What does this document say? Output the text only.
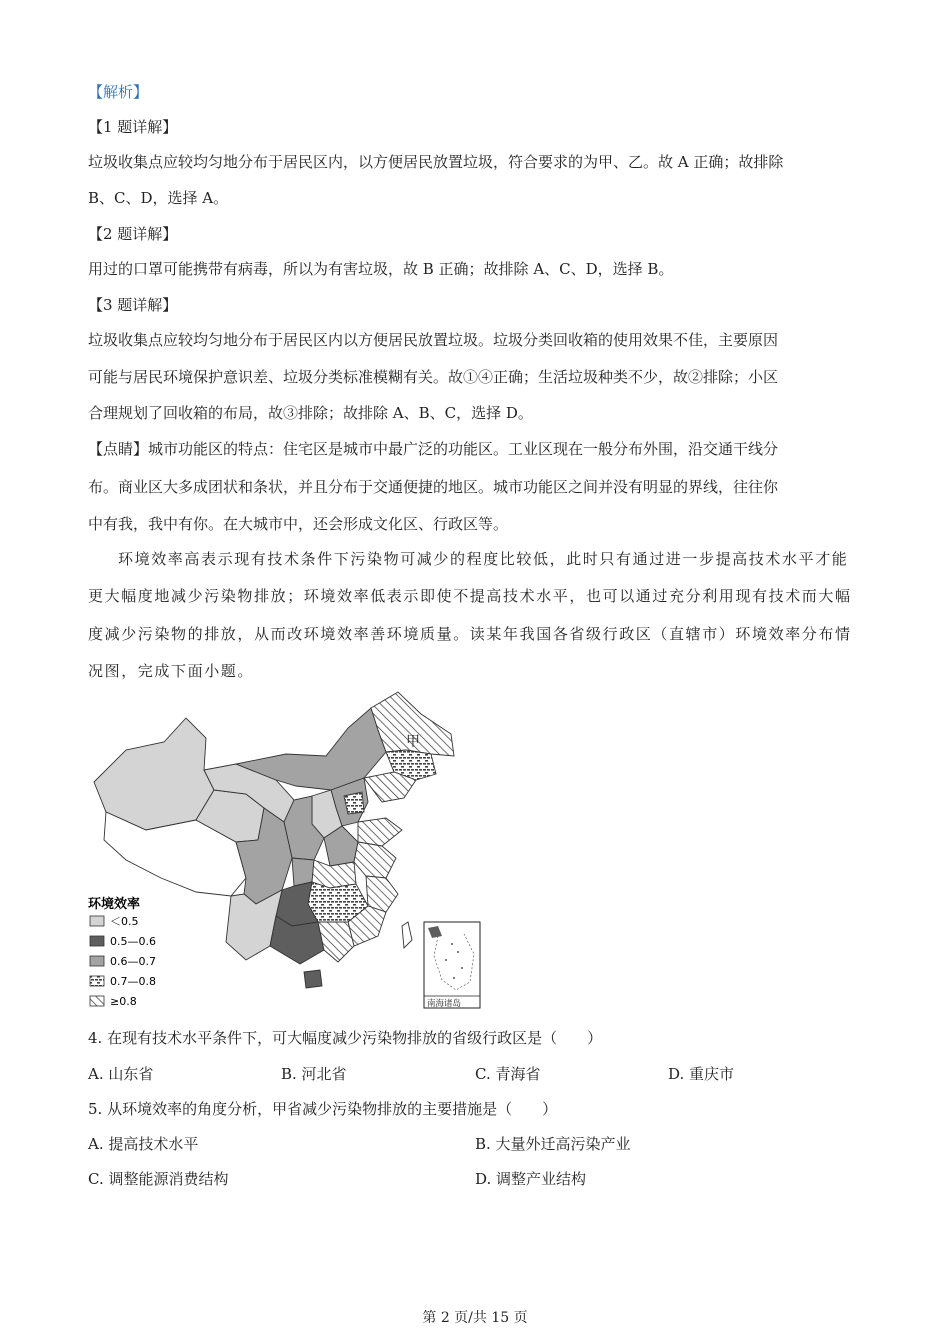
【解析】
【1 题详解】
垃圾收集点应较均匀地分布于居民区内，以方便居民放置垃圾，符合要求的为甲、乙。故 A 正确；故排除
B、C、D，选择 A。
【2 题详解】
用过的口罩可能携带有病毒，所以为有害垃圾，故 B 正确；故排除 A、C、D，选择 B。
【3 题详解】
垃圾收集点应较均匀地分布于居民区内以方便居民放置垃圾。垃圾分类回收箱的使用效果不佳，主要原因
可能与居民环境保护意识差、垃圾分类标准模糊有关。故①④正确；生活垃圾种类不少，故②排除；小区
合理规划了回收箱的布局，故③排除；故排除 A、B、C，选择 D。
【点睛】城市功能区的特点：住宅区是城市中最广泛的功能区。工业区现在一般分布外围，沿交通干线分
布。商业区大多成团状和条状，并且分布于交通便捷的地区。城市功能区之间并没有明显的界线，往往你
中有我，我中有你。在大城市中，还会形成文化区、行政区等。
环境效率高表示现有技术条件下污染物可减少的程度比较低，此时只有通过进一步提高技术水平才能
更大幅度地减少污染物排放；环境效率低表示即使不提高技术水平，也可以通过充分利用现有技术而大幅
度减少污染物的排放，从而改环境效率善环境质量。读某年我国各省级行政区（直辖市）环境效率分布情
况图，完成下面小题。
甲
南海诸岛
环境效率
＜0.5
0.5—0.6
0.6—0.7
0.7—0.8
≥0.8
4. 在现有技术水平条件下，可大幅度减少污染物排放的省级行政区是（　　）
A. 山东省	B. 河北省	C. 青海省	D. 重庆市
5. 从环境效率的角度分析，甲省减少污染物排放的主要措施是（　　）
A. 提高技术水平	B. 大量外迁高污染产业
C. 调整能源消费结构	D. 调整产业结构
第 2 页/共 15 页
